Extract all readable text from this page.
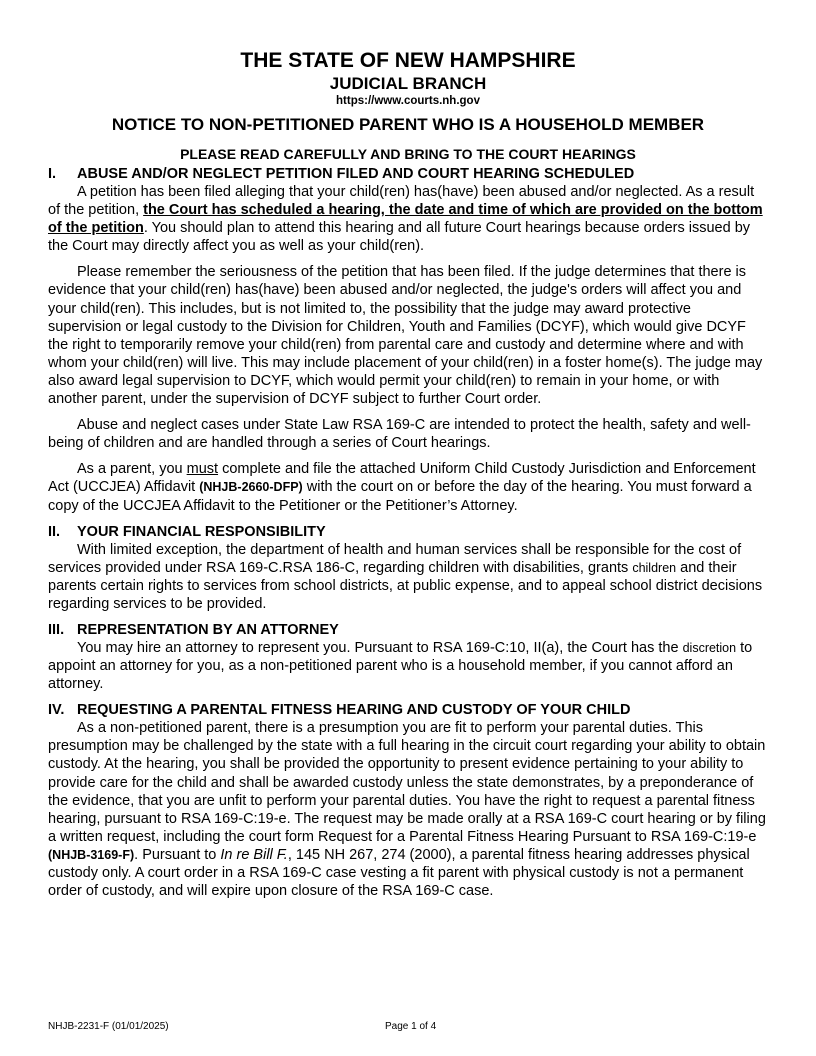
THE STATE OF NEW HAMPSHIRE
JUDICIAL BRANCH
https://www.courts.nh.gov
NOTICE TO NON-PETITIONED PARENT WHO IS A HOUSEHOLD MEMBER
PLEASE READ CAREFULLY AND BRING TO THE COURT HEARINGS
I.	ABUSE AND/OR NEGLECT PETITION FILED AND COURT HEARING SCHEDULED

A petition has been filed alleging that your child(ren) has(have) been abused and/or neglected. As a result of the petition, the Court has scheduled a hearing, the date and time of which are provided on the bottom of the petition. You should plan to attend this hearing and all future Court hearings because orders issued by the Court may directly affect you as well as your child(ren).

Please remember the seriousness of the petition that has been filed. If the judge determines that there is evidence that your child(ren) has(have) been abused and/or neglected, the judge's orders will affect you and your child(ren). This includes, but is not limited to, the possibility that the judge may award protective supervision or legal custody to the Division for Children, Youth and Families (DCYF), which would give DCYF the right to temporarily remove your child(ren) from parental care and custody and determine where and with whom your child(ren) will live. This may include placement of your child(ren) in a foster home(s). The judge may also award legal supervision to DCYF, which would permit your child(ren) to remain in your home, or with another parent, under the supervision of DCYF subject to further Court order.

Abuse and neglect cases under State Law RSA 169-C are intended to protect the health, safety and well-being of children and are handled through a series of Court hearings.

As a parent, you must complete and file the attached Uniform Child Custody Jurisdiction and Enforcement Act (UCCJEA) Affidavit (NHJB-2660-DFP) with the court on or before the day of the hearing. You must forward a copy of the UCCJEA Affidavit to the Petitioner or the Petitioner’s Attorney.

II.	YOUR FINANCIAL RESPONSIBILITY

With limited exception, the department of health and human services shall be responsible for the cost of services provided under RSA 169-C.RSA 186-C, regarding children with disabilities, grants children and their parents certain rights to services from school districts, at public expense, and to appeal school district decisions regarding services to be provided.

III. REPRESENTATION BY AN ATTORNEY

You may hire an attorney to represent you. Pursuant to RSA 169-C:10, II(a), the Court has the discretion to appoint an attorney for you, as a non-petitioned parent who is a household member, if you cannot afford an attorney.

IV. REQUESTING A PARENTAL FITNESS HEARING AND CUSTODY OF YOUR CHILD

As a non-petitioned parent, there is a presumption you are fit to perform your parental duties. This presumption may be challenged by the state with a full hearing in the circuit court regarding your ability to obtain custody. At the hearing, you shall be provided the opportunity to present evidence pertaining to your ability to provide care for the child and shall be awarded custody unless the state demonstrates, by a preponderance of the evidence, that you are unfit to perform your parental duties. You have the right to request a parental fitness hearing, pursuant to RSA 169-C:19-e. The request may be made orally at a RSA 169-C court hearing or by filing a written request, including the court form Request for a Parental Fitness Hearing Pursuant to RSA 169-C:19-e (NHJB-3169-F). Pursuant to In re Bill F., 145 NH 267, 274 (2000), a parental fitness hearing addresses physical custody only. A court order in a RSA 169-C case vesting a fit parent with physical custody is not a permanent order of custody, and will expire upon closure of the RSA 169-C case.

NHJB-2231-F (01/01/2025)	Page 1 of 4
